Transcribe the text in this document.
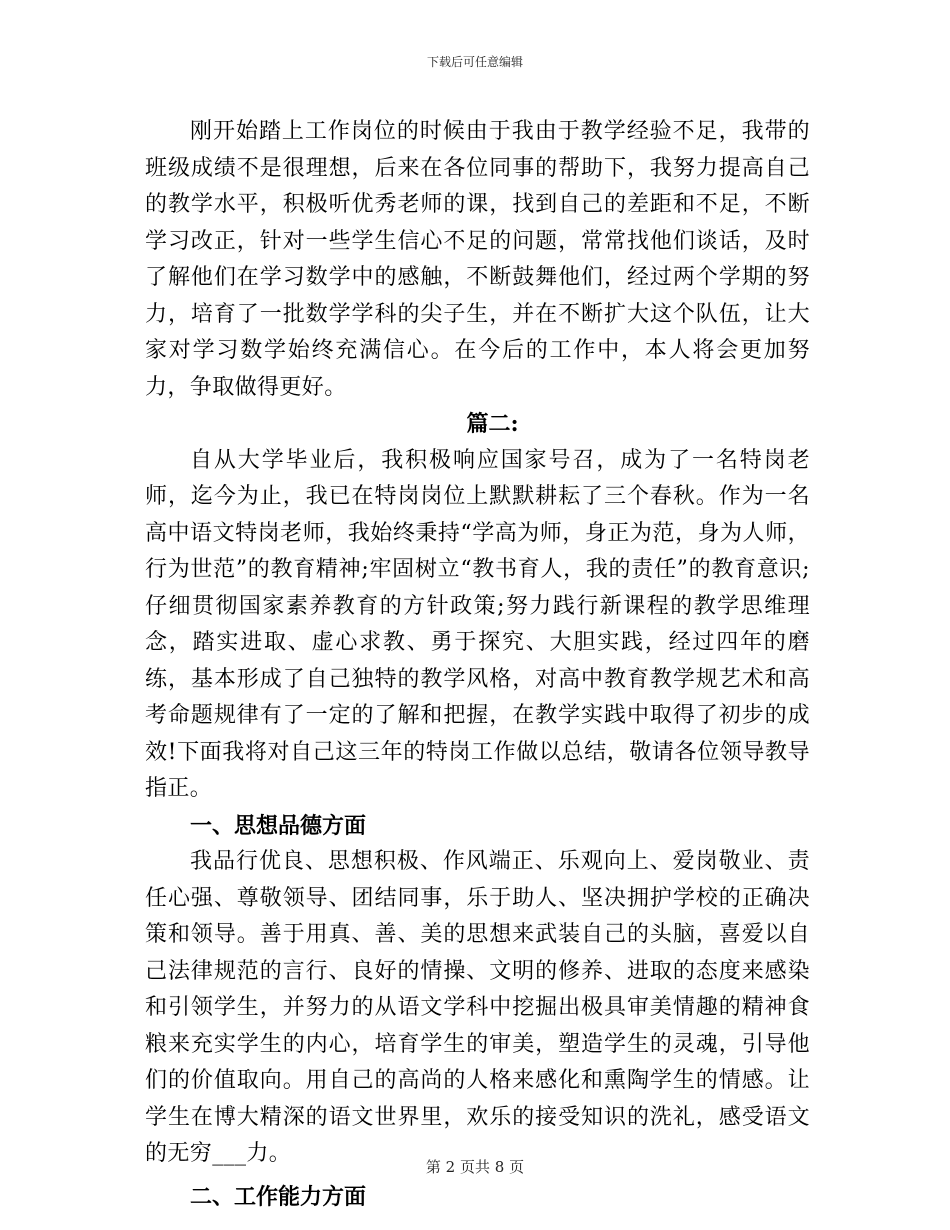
下载后可任意编辑

刚开始踏上工作岗位的时候由于我由于教学经验不足，我带的班级成绩不是很理想，后来在各位同事的帮助下，我努力提高自己的教学水平，积极听优秀老师的课，找到自己的差距和不足，不断学习改正，针对一些学生信心不足的问题，常常找他们谈话，及时了解他们在学习数学中的感触，不断鼓舞他们，经过两个学期的努力，培育了一批数学学科的尖子生，并在不断扩大这个队伍，让大家对学习数学始终充满信心。在今后的工作中，本人将会更加努力，争取做得更好。

篇二:

自从大学毕业后，我积极响应国家号召，成为了一名特岗老师，迄今为止，我已在特岗岗位上默默耕耘了三个春秋。作为一名高中语文特岗老师，我始终秉持“学高为师，身正为范，身为人师，行为世范”的教育精神;牢固树立“教书育人，我的责任”的教育意识;仔细贯彻国家素养教育的方针政策;努力践行新课程的教学思维理念，踏实进取、虚心求教、勇于探究、大胆实践，经过四年的磨练，基本形成了自己独特的教学风格，对高中教育教学规艺术和高考命题规律有了一定的了解和把握，在教学实践中取得了初步的成效!下面我将对自己这三年的特岗工作做以总结，敬请各位领导教导指正。

一、思想品德方面

我品行优良、思想积极、作风端正、乐观向上、爱岗敬业、责任心强、尊敬领导、团结同事，乐于助人、坚决拥护学校的正确决策和领导。善于用真、善、美的思想来武装自己的头脑，喜爱以自己法律规范的言行、良好的情操、文明的修养、进取的态度来感染和引领学生，并努力的从语文学科中挖掘出极具审美情趣的精神食粮来充实学生的内心，培育学生的审美，塑造学生的灵魂，引导他们的价值取向。用自己的高尚的人格来感化和熏陶学生的情感。让学生在博大精深的语文世界里，欢乐的接受知识的洗礼，感受语文的无穷___力。

二、工作能力方面

第 2 页共 8 页
